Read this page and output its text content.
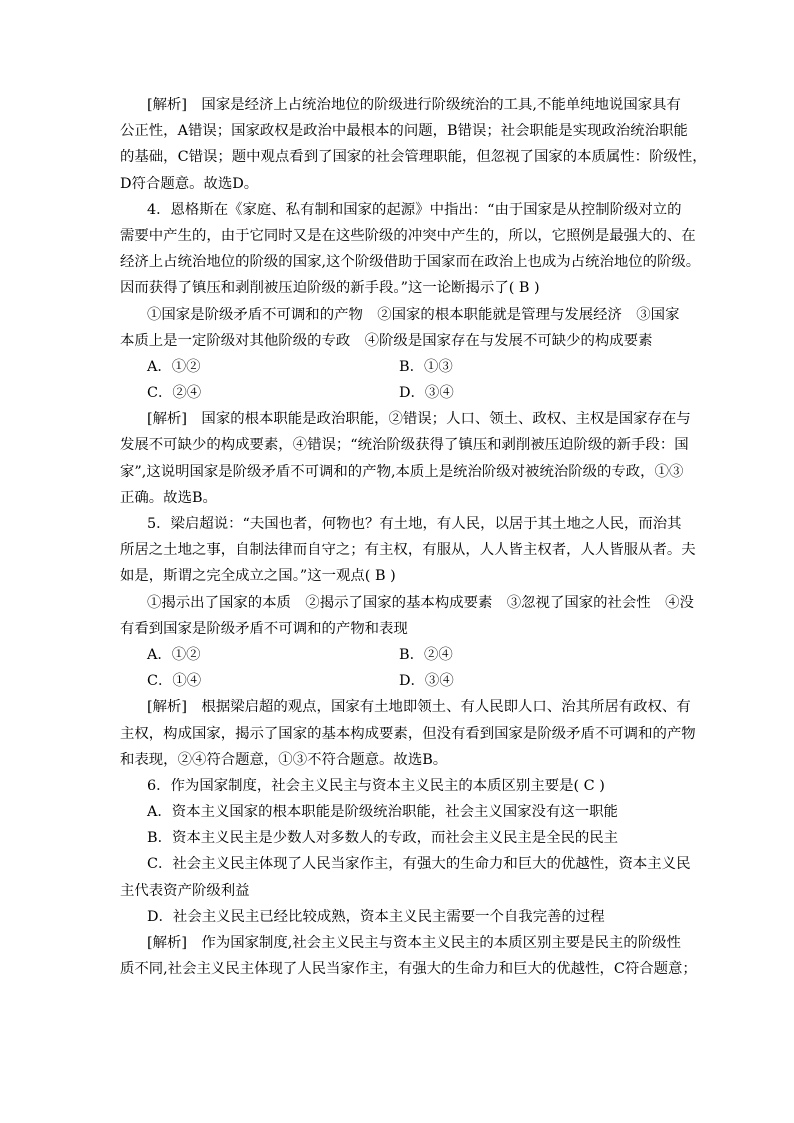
[解析]　 国家是经济上占统治地位的阶级进行阶级统治的工具,不能单纯地说国家具有
公正性，A错误；国家政权是政治中最根本的问题，B错误；社会职能是实现政治统治职能
的基础，C错误；题中观点看到了国家的社会管理职能，但忽视了国家的本质属性：阶级性，
D符合题意。故选D。
4．恩格斯在《家庭、私有制和国家的起源》中指出：“由于国家是从控制阶级对立的
需要中产生的，由于它同时又是在这些阶级的冲突中产生的，所以，它照例是最强大的、在
经济上占统治地位的阶级的国家,这个阶级借助于国家而在政治上也成为占统治地位的阶级。
因而获得了镇压和剥削被压迫阶级的新手段。”这一论断揭示了( B )
①国家是阶级矛盾不可调和的产物　②国家的根本职能就是管理与发展经济　③国家
本质上是一定阶级对其他阶级的专政　④阶级是国家存在与发展不可缺少的构成要素
A．①②	B．①③
C．②④	D．③④
[解析]　 国家的根本职能是政治职能，②错误；人口、领土、政权、主权是国家存在与
发展不可缺少的构成要素，④错误；“统治阶级获得了镇压和剥削被压迫阶级的新手段：国
家”,这说明国家是阶级矛盾不可调和的产物,本质上是统治阶级对被统治阶级的专政，①③
正确。故选B。
5．梁启超说：“夫国也者，何物也？有土地，有人民，以居于其土地之人民，而治其
所居之土地之事，自制法律而自守之；有主权，有服从，人人皆主权者，人人皆服从者。夫
如是，斯谓之完全成立之国。”这一观点( B )
①揭示出了国家的本质　②揭示了国家的基本构成要素　③忽视了国家的社会性　④没
有看到国家是阶级矛盾不可调和的产物和表现
A．①②	B．②④
C．①④	D．③④
[解析]　 根据梁启超的观点，国家有土地即领土、有人民即人口、治其所居有政权、有
主权，构成国家，揭示了国家的基本构成要素，但没有看到国家是阶级矛盾不可调和的产物
和表现，②④符合题意，①③不符合题意。故选B。
6．作为国家制度，社会主义民主与资本主义民主的本质区别主要是( C )
A．资本主义国家的根本职能是阶级统治职能，社会主义国家没有这一职能
B．资本主义民主是少数人对多数人的专政，而社会主义民主是全民的民主
C．社会主义民主体现了人民当家作主，有强大的生命力和巨大的优越性，资本主义民
主代表资产阶级利益
D．社会主义民主已经比较成熟，资本主义民主需要一个自我完善的过程
[解析]　 作为国家制度,社会主义民主与资本主义民主的本质区别主要是民主的阶级性
质不同,社会主义民主体现了人民当家作主，有强大的生命力和巨大的优越性，C符合题意；
